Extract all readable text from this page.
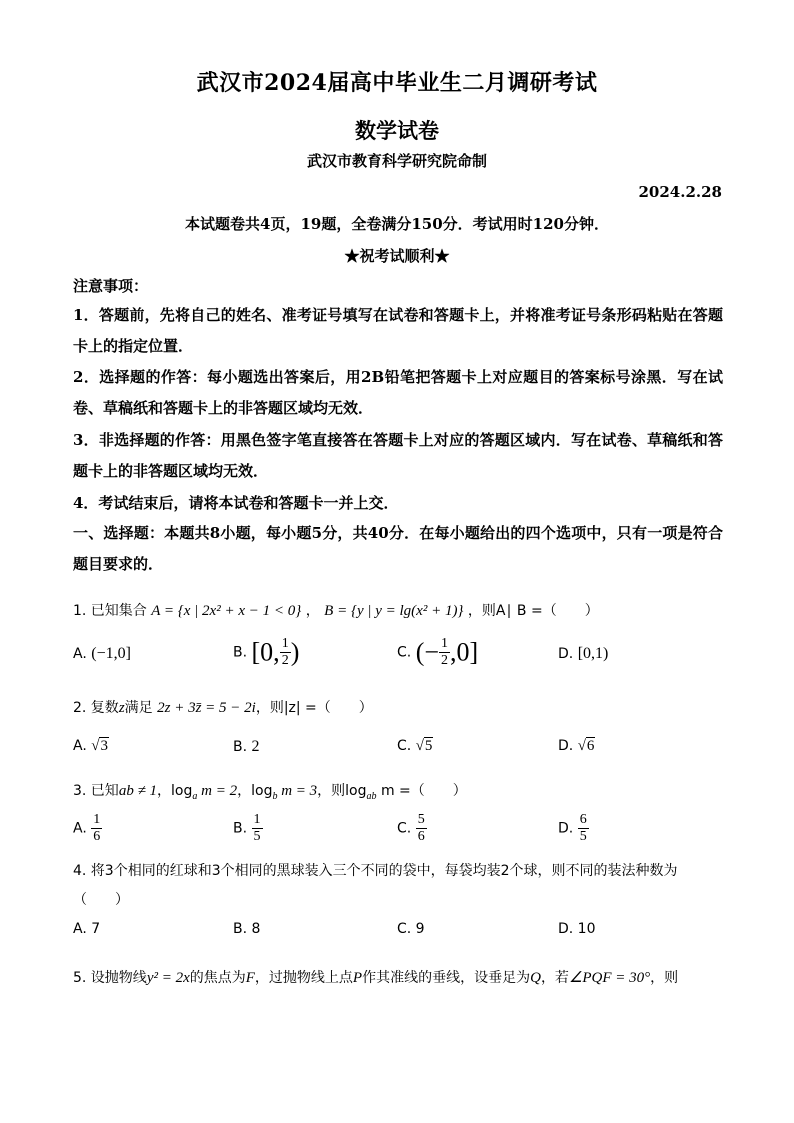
武汉市2024届高中毕业生二月调研考试
数学试卷
武汉市教育科学研究院命制
2024.2.28
本试题卷共4页，19题，全卷满分150分．考试用时120分钟．
★祝考试顺利★
注意事项：
1．答题前，先将自己的姓名、准考证号填写在试卷和答题卡上，并将准考证号条形码粘贴在答题卡上的指定位置．
2．选择题的作答：每小题选出答案后，用2B铅笔把答题卡上对应题目的答案标号涂黑．写在试卷、草稿纸和答题卡上的非答题区域均无效．
3．非选择题的作答：用黑色签字笔直接答在答题卡上对应的答题区域内．写在试卷、草稿纸和答题卡上的非答题区域均无效．
4．考试结束后，请将本试卷和答题卡一并上交．
一、选择题：本题共8小题，每小题5分，共40分．在每小题给出的四个选项中，只有一项是符合题目要求的．
1. 已知集合 A = {x | 2x² + x − 1 < 0} ， B = {y | y = lg(x² + 1)} ，则A∣ B =（　　）
A. (−1,0]	B. [0, $\frac{1}{2}$ )	C. (− $\frac{1}{2} ,0$]	D. [0,1)
2. 复数z满足 2z + 3z̄ = 5 − 2i，则|z| =（　　）
A. √3	B. 2	C. √5	D. √6
3. 已知ab ≠ 1，$\log_a m = 2$，$\log_b m = 3$，则$\log_{ab} m$ =（　　）
A. $\frac{1}{6}$	B. $\frac{1}{5}$	C. $\frac{5}{6}$	D. $\frac{6}{5}$
4. 将3个相同的红球和3个相同的黑球装入三个不同的袋中，每袋均装2个球，则不同的装法种数为
（　　）
A. 7	B. 8	C. 9	D. 10
5. 设抛物线y² = 2x的焦点为F，过抛物线上点P作其准线的垂线，设垂足为Q，若∠PQF = 30°，则
